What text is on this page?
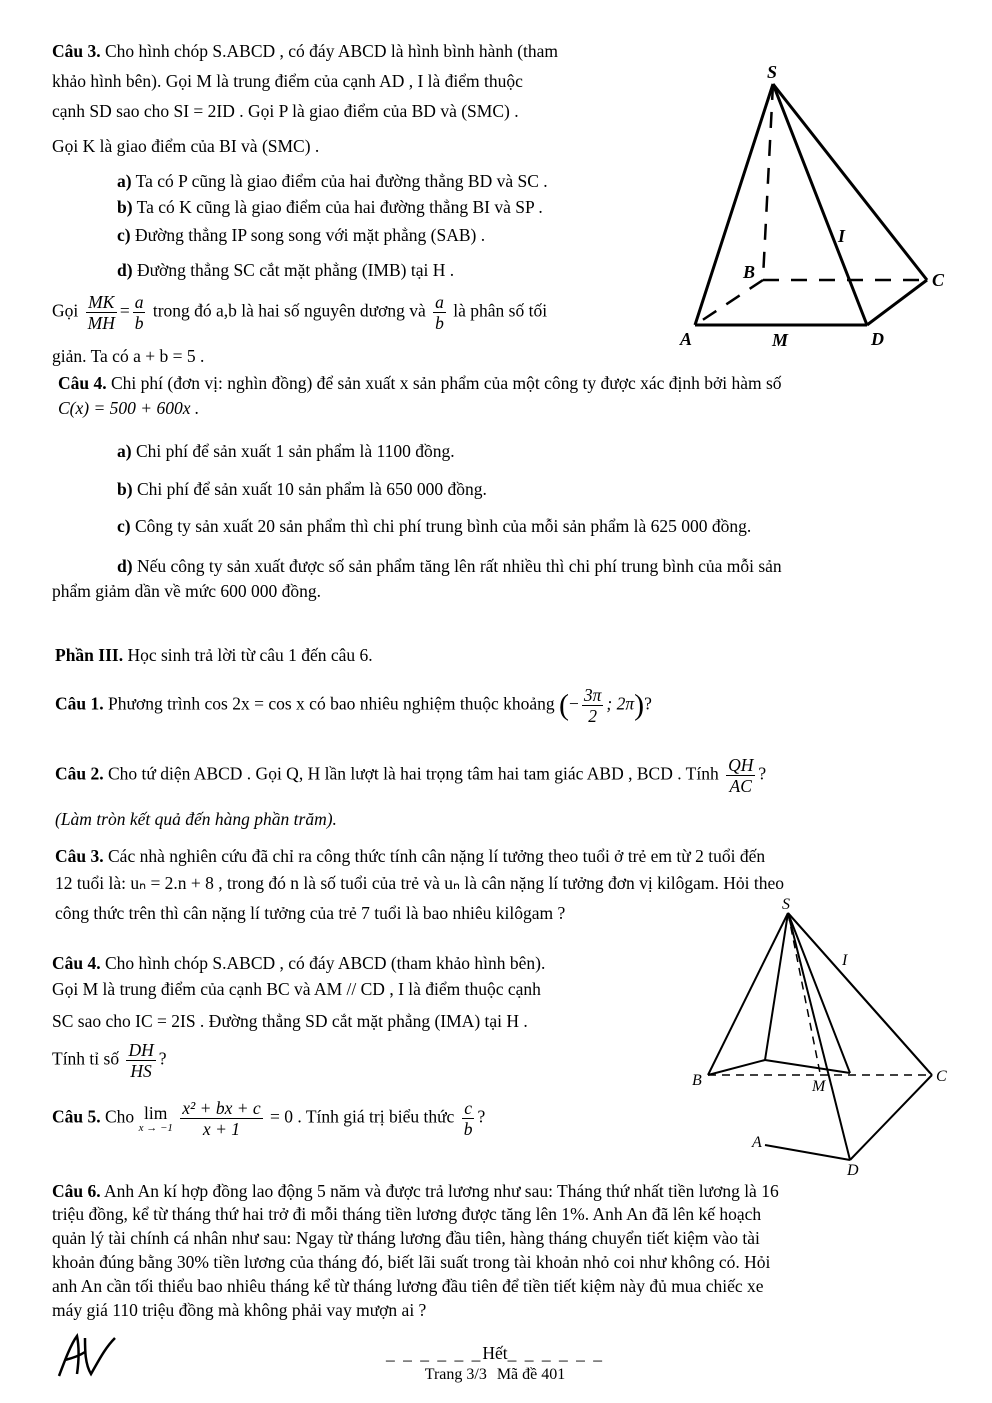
Câu 3. Cho hình chóp S.ABCD , có đáy ABCD là hình bình hành (tham
khảo hình bên). Gọi M là trung điểm của cạnh AD , I là điểm thuộc
cạnh SD sao cho SI = 2ID . Gọi P là giao điểm của BD và (SMC) .
Gọi K là giao điểm của BI và (SMC) .
a) Ta có P cũng là giao điểm của hai đường thẳng BD và SC .
b) Ta có K cũng là giao điểm của hai đường thẳng BI và SP .
c) Đường thẳng IP song song với mặt phẳng (SAB) .
d) Đường thẳng SC cắt mặt phẳng (IMB) tại H .
Gọi $\frac{MK}{MH} = \frac{a}{b}$ trong đó a,b là hai số nguyên dương và $\frac{a}{b}$ là phân số tối
giản. Ta có a + b = 5 .
S
A
B	C
D
M
I
Câu 4. Chi phí (đơn vị: nghìn đồng) để sản xuất x sản phẩm của một công ty được xác định bởi hàm số
C(x) = 500 + 600x .
a) Chi phí để sản xuất 1 sản phẩm là 1100 đồng.
b) Chi phí để sản xuất 10 sản phẩm là 650 000 đồng.
c) Công ty sản xuất 20 sản phẩm thì chi phí trung bình của mỗi sản phẩm là 625 000 đồng.
d) Nếu công ty sản xuất được số sản phẩm tăng lên rất nhiều thì chi phí trung bình của mỗi sản
phẩm giảm dần về mức 600 000 đồng.
Phần III. Học sinh trả lời từ câu 1 đến câu 6.
Câu 1. Phương trình cos 2x = cos x có bao nhiêu nghiệm thuộc khoảng (− $\frac{3\pi}{2}$ ; 2π)?
Câu 2. Cho tứ diện ABCD . Gọi Q, H lần lượt là hai trọng tâm hai tam giác ABD , BCD . Tính $\frac{QH}{AC}$ ?
(Làm tròn kết quả đến hàng phần trăm).
Câu 3. Các nhà nghiên cứu đã chỉ ra công thức tính cân nặng lí tưởng theo tuổi ở trẻ em từ 2 tuổi đến
12 tuổi là: uₙ = 2.n + 8 , trong đó n là số tuổi của trẻ và uₙ là cân nặng lí tưởng đơn vị kilôgam. Hỏi theo
công thức trên thì cân nặng lí tưởng của trẻ 7 tuổi là bao nhiêu kilôgam ?
Câu 4. Cho hình chóp S.ABCD , có đáy ABCD (tham khảo hình bên).
Gọi M là trung điểm của cạnh BC và AM // CD , I là điểm thuộc cạnh
SC sao cho IC = 2IS . Đường thẳng SD cắt mặt phẳng (IMA) tại H .
Tính tỉ số $\frac{DH}{HS}$ ?
Câu 5. Cho lim
x → −1
$\frac{\text{x² + bx + c}}{x + 1} = 0$ . Tính giá trị biểu thức $\frac{c}{b}$ ?
S
B	C
A
D
M
I
Câu 6. Anh An kí hợp đồng lao động 5 năm và được trả lương như sau: Tháng thứ nhất tiền lương là 16
triệu đồng, kể từ tháng thứ hai trở đi mỗi tháng tiền lương được tăng lên 1%. Anh An đã lên kế hoạch
quản lý tài chính cá nhân như sau: Ngay từ tháng lương đầu tiên, hàng tháng chuyển tiết kiệm vào tài
khoản đúng bằng 30% tiền lương của tháng đó, biết lãi suất trong tài khoản nhỏ coi như không có. Hỏi
anh An cần tối thiểu bao nhiêu tháng kể từ tháng lương đầu tiên để tiền tiết kiệm này đủ mua chiếc xe
máy giá 110 triệu đồng mà không phải vay mượn ai ?
_ _ _ _ _ _Hết_ _ _ _ _ _
Trang 3/3 Mã đề 401
